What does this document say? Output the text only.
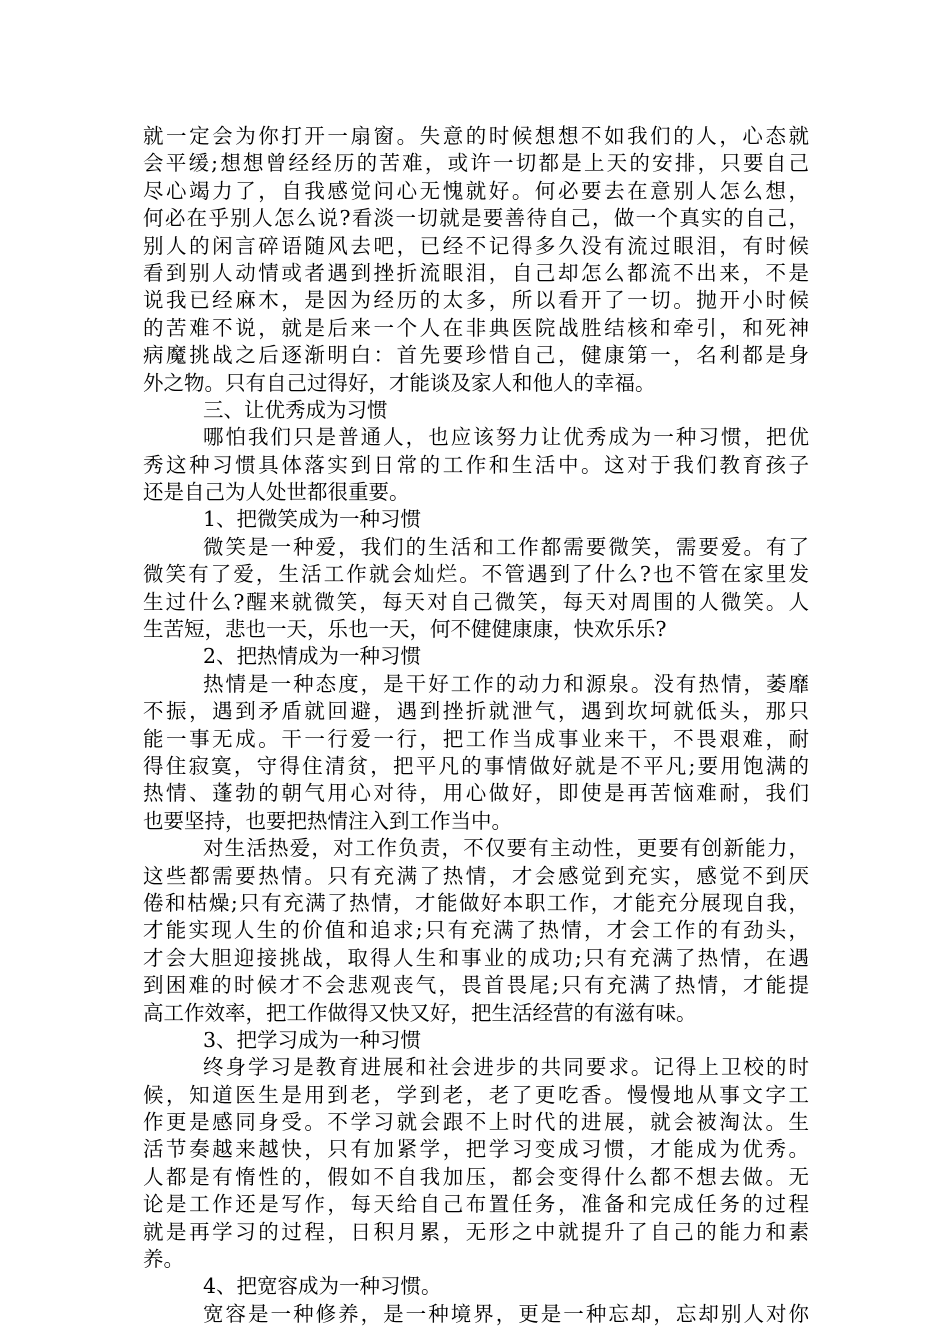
就一定会为你打开一扇窗。失意的时候想想不如我们的人，心态就
会平缓;想想曾经经历的苦难，或许一切都是上天的安排，只要自己
尽心竭力了，自我感觉问心无愧就好。何必要去在意别人怎么想，
何必在乎别人怎么说?看淡一切就是要善待自己，做一个真实的自己，
别人的闲言碎语随风去吧，已经不记得多久没有流过眼泪，有时候
看到别人动情或者遇到挫折流眼泪，自己却怎么都流不出来，不是
说我已经麻木，是因为经历的太多，所以看开了一切。抛开小时候
的苦难不说，就是后来一个人在非典医院战胜结核和牵引，和死神
病魔挑战之后逐渐明白：首先要珍惜自己，健康第一，名利都是身
外之物。只有自己过得好，才能谈及家人和他人的幸福。
三、让优秀成为习惯
哪怕我们只是普通人，也应该努力让优秀成为一种习惯，把优
秀这种习惯具体落实到日常的工作和生活中。这对于我们教育孩子
还是自己为人处世都很重要。
1、把微笑成为一种习惯
微笑是一种爱，我们的生活和工作都需要微笑，需要爱。有了
微笑有了爱，生活工作就会灿烂。不管遇到了什么?也不管在家里发
生过什么?醒来就微笑，每天对自己微笑，每天对周围的人微笑。人
生苦短，悲也一天，乐也一天，何不健健康康，快欢乐乐?
2、把热情成为一种习惯
热情是一种态度，是干好工作的动力和源泉。没有热情，萎靡
不振，遇到矛盾就回避，遇到挫折就泄气，遇到坎坷就低头，那只
能一事无成。干一行爱一行，把工作当成事业来干，不畏艰难，耐
得住寂寞，守得住清贫，把平凡的事情做好就是不平凡;要用饱满的
热情、蓬勃的朝气用心对待，用心做好，即使是再苦恼难耐，我们
也要坚持，也要把热情注入到工作当中。
对生活热爱，对工作负责，不仅要有主动性，更要有创新能力，
这些都需要热情。只有充满了热情，才会感觉到充实，感觉不到厌
倦和枯燥;只有充满了热情，才能做好本职工作，才能充分展现自我，
才能实现人生的价值和追求;只有充满了热情，才会工作的有劲头，
才会大胆迎接挑战，取得人生和事业的成功;只有充满了热情，在遇
到困难的时候才不会悲观丧气，畏首畏尾;只有充满了热情，才能提
高工作效率，把工作做得又快又好，把生活经营的有滋有味。
3、把学习成为一种习惯
终身学习是教育进展和社会进步的共同要求。记得上卫校的时
候，知道医生是用到老，学到老，老了更吃香。慢慢地从事文字工
作更是感同身受。不学习就会跟不上时代的进展，就会被淘汰。生
活节奏越来越快，只有加紧学，把学习变成习惯，才能成为优秀。
人都是有惰性的，假如不自我加压，都会变得什么都不想去做。无
论是工作还是写作，每天给自己布置任务，准备和完成任务的过程
就是再学习的过程，日积月累，无形之中就提升了自己的能力和素
养。
4、把宽容成为一种习惯。
宽容是一种修养，是一种境界，更是一种忘却，忘却别人对你
